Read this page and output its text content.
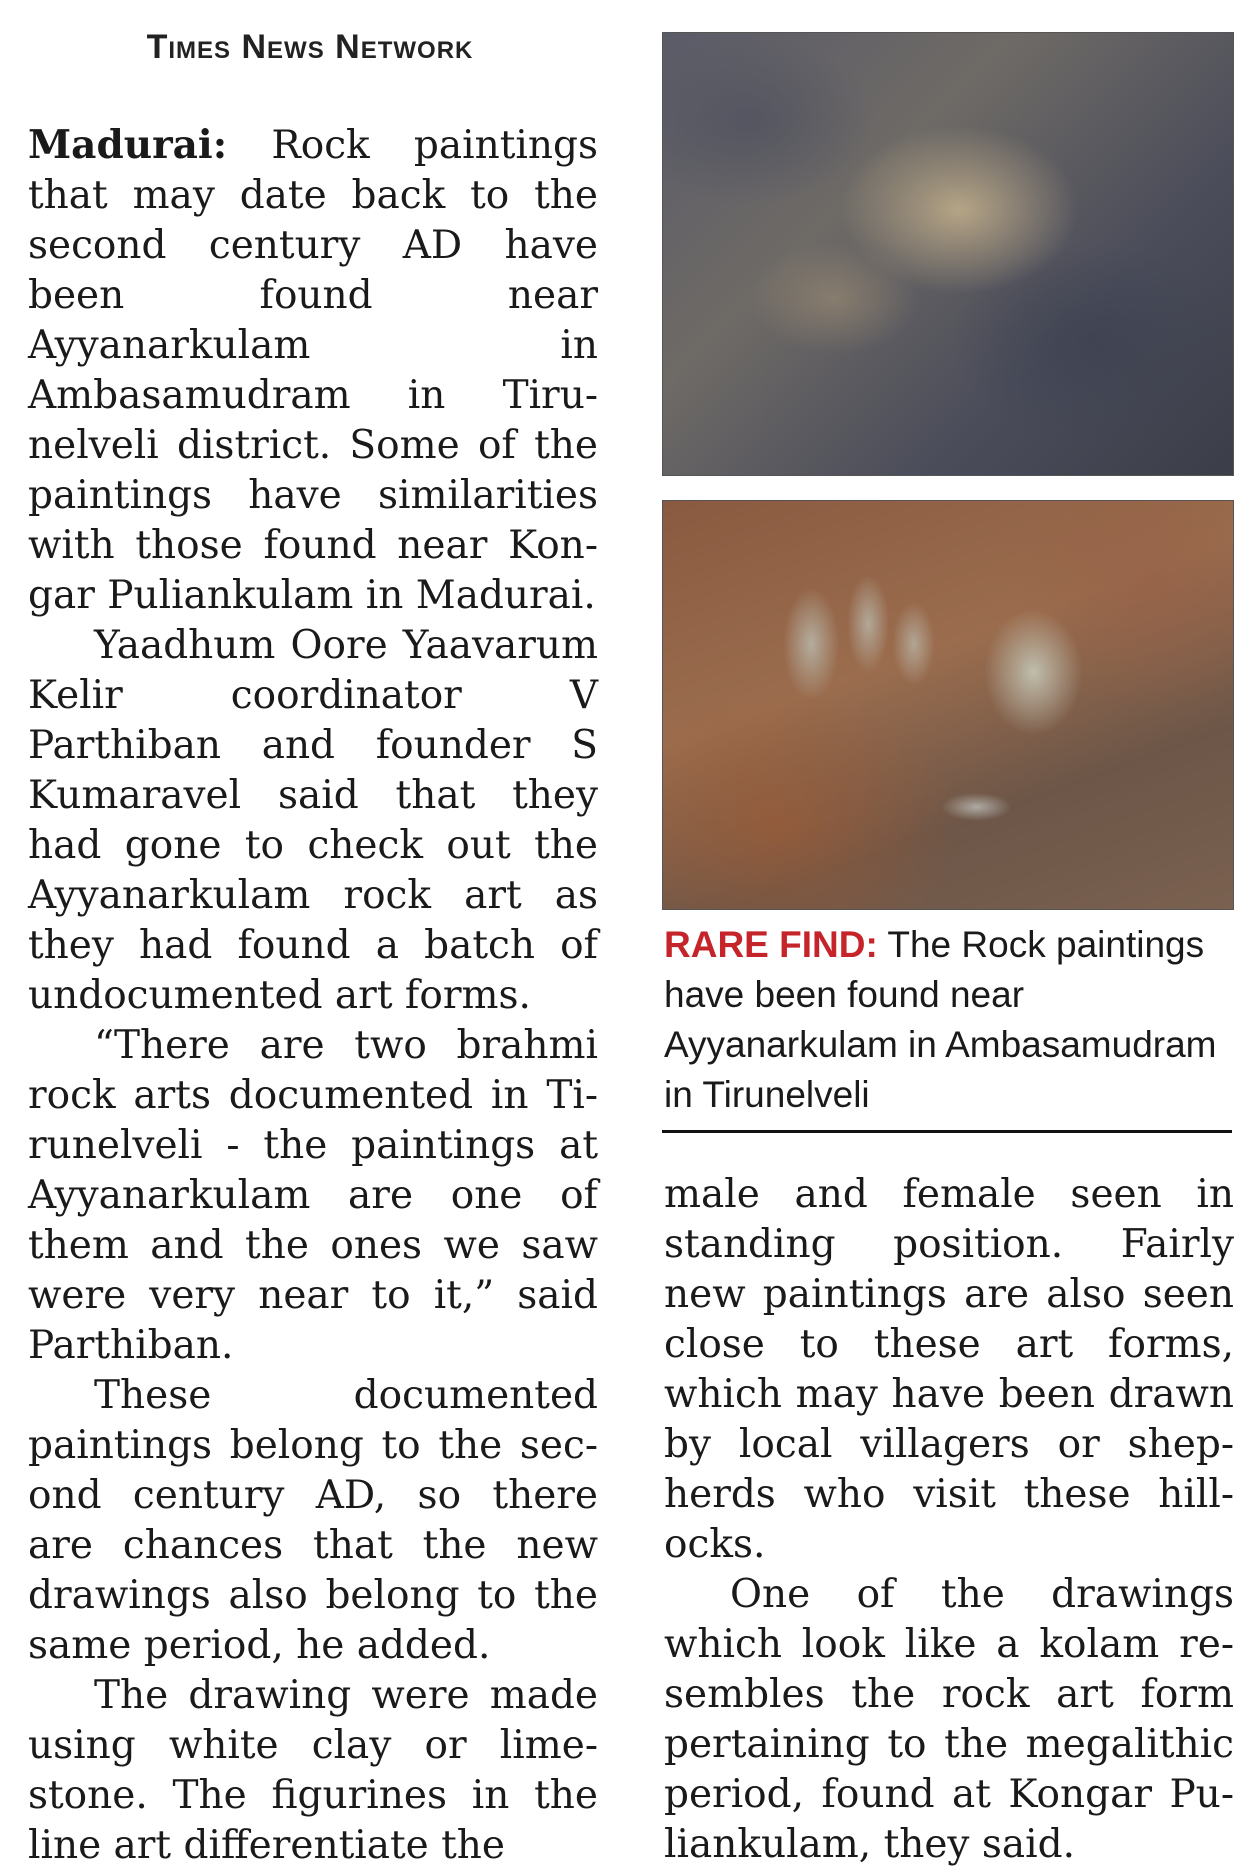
Times News Network

Madurai: Rock paintings that may date back to the second century AD have been found near Ayyanarkulam in Ambasamudram in Tirunelveli district. Some of the paintings have similarities with those found near Kongar Puliankulam in Madurai.

Yaadhum Oore Yaavarum Kelir coordinator V Parthiban and founder S Kumaravel said that they had gone to check out the Ayyanarkulam rock art as they had found a batch of undocumented art forms.

“There are two brahmi rock arts documented in Tirunelveli - the paintings at Ayyanarkulam are one of them and the ones we saw were very near to it,” said Parthiban.

These documented paintings belong to the second century AD, so there are chances that the new drawings also belong to the same period, he added.

The drawing were made using white clay or limestone. The figurines in the line art differentiate the

RARE FIND: The Rock paintings have been found near Ayyanarkulam in Ambasamudram in Tirunelveli

male and female seen in standing position. Fairly new paintings are also seen close to these art forms, which may have been drawn by local villagers or shepherds who visit these hillocks.

One of the drawings which look like a kolam resembles the rock art form pertaining to the megalithic period, found at Kongar Puliankulam, they said.
